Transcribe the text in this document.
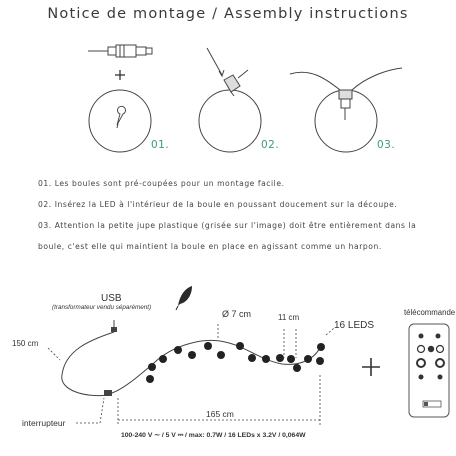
Notice de montage / Assembly instructions
01.	02.	03.
01. Les boules sont pré-coupées pour un montage facile.
02. Insérez la LED à l'intérieur de la boule en poussant doucement sur la découpe.
03. Attention la petite jupe plastique (grisée sur l'image) doit être entièrement dans la
boule, c'est elle qui maintient la boule en place en agissant comme un harpon.
USB
(transformateur vendu séparément)
150 cm
Ø 7 cm	11 cm
16 LEDS
165 cm
interrupteur
100-240 V ∼ / 5 V ⎓ / max: 0.7W / 16 LEDs x 3.2V / 0,064W
télécommande
